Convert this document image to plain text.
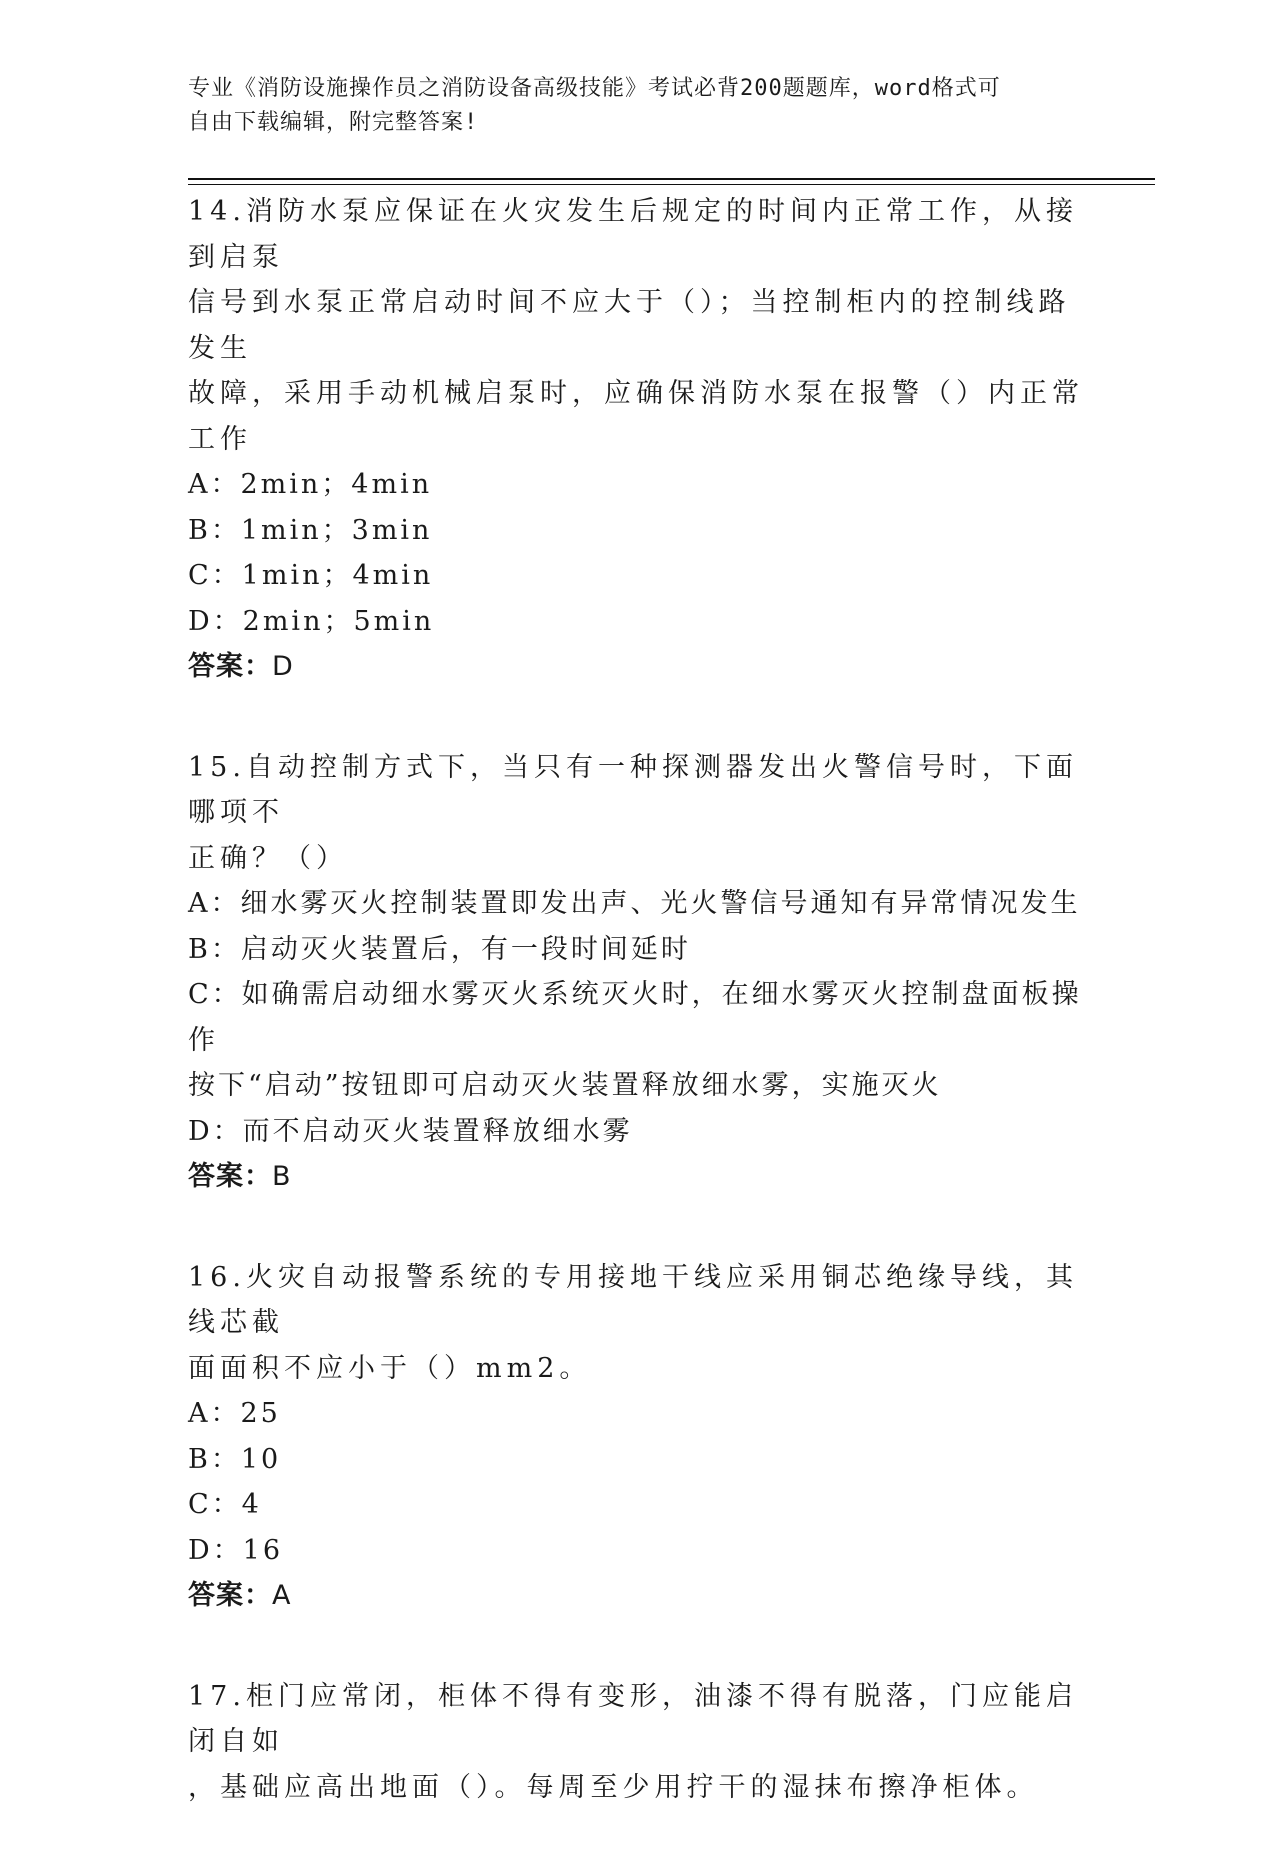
专业《消防设施操作员之消防设备高级技能》考试必背200题题库，word格式可
自由下载编辑，附完整答案!
14.消防水泵应保证在火灾发生后规定的时间内正常工作，从接到启泵
信号到水泵正常启动时间不应大于（）；当控制柜内的控制线路发生
故障，采用手动机械启泵时，应确保消防水泵在报警（）内正常工作
A：2min；4min
B：1min；3min
C：1min；4min
D：2min；5min
答案：D
15.自动控制方式下，当只有一种探测器发出火警信号时，下面哪项不
正确？（）
A：细水雾灭火控制装置即发出声、光火警信号通知有异常情况发生
B：启动灭火装置后，有一段时间延时
C：如确需启动细水雾灭火系统灭火时，在细水雾灭火控制盘面板操作
按下“启动”按钮即可启动灭火装置释放细水雾，实施灭火
D：而不启动灭火装置释放细水雾
答案：B
16.火灾自动报警系统的专用接地干线应采用铜芯绝缘导线，其线芯截
面面积不应小于（）mm2。
A：25
B：10
C：4
D：16
答案：A
17.柜门应常闭，柜体不得有变形，油漆不得有脱落，门应能启闭自如
，基础应高出地面（）。每周至少用拧干的湿抹布擦净柜体。
